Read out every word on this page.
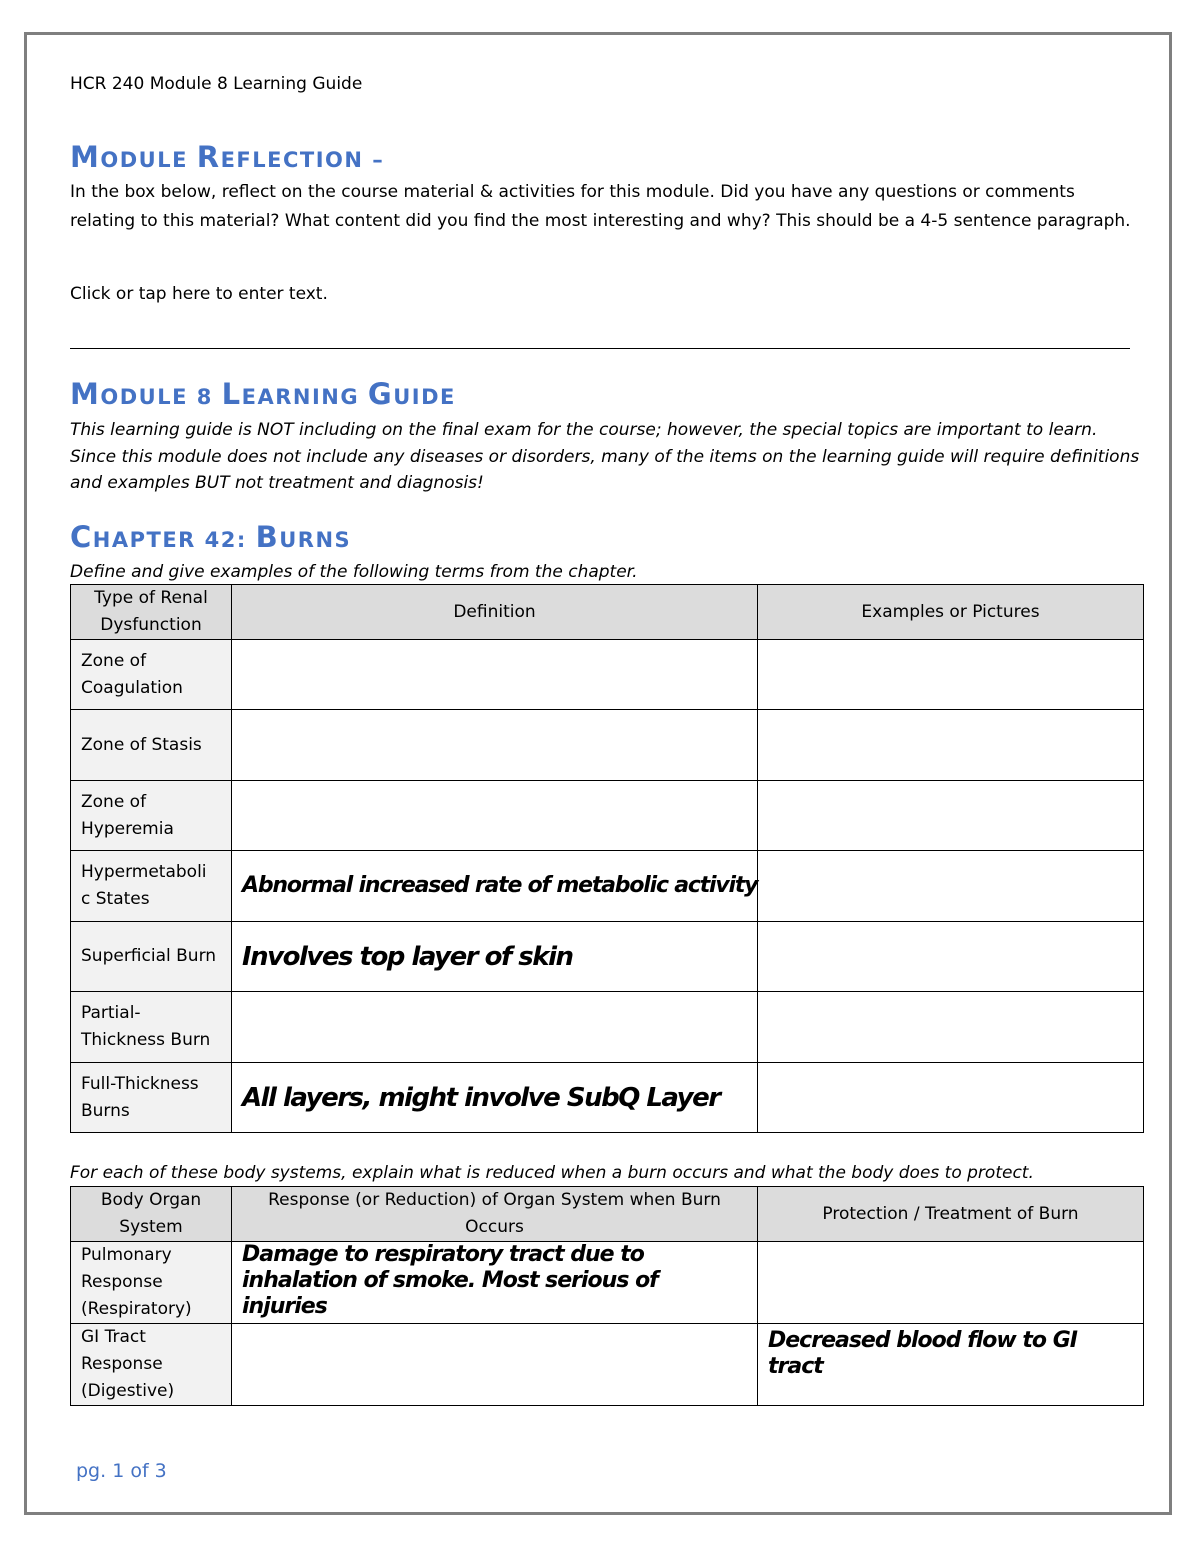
HCR 240 Module 8 Learning Guide
MODULE REFLECTION –
In the box below, reflect on the course material & activities for this module. Did you have any questions or comments relating to this material? What content did you find the most interesting and why? This should be a 4-5 sentence paragraph.
Click or tap here to enter text.
MODULE 8 LEARNING GUIDE
This learning guide is NOT including on the final exam for the course; however, the special topics are important to learn. Since this module does not include any diseases or disorders, many of the items on the learning guide will require definitions and examples BUT not treatment and diagnosis!
CHAPTER 42: BURNS
Define and give examples of the following terms from the chapter.
Type of Renal Dysfunction	Definition	Examples or Pictures
Zone of Coagulation		
Zone of Stasis		
Zone of Hyperemia		
Hypermetaboli c States	Abnormal increased rate of metabolic activity	
Superficial Burn	Involves top layer of skin	
Partial-Thickness Burn		
Full-Thickness Burns	All layers, might involve SubQ Layer	
For each of these body systems, explain what is reduced when a burn occurs and what the body does to protect.
Body Organ System	Response (or Reduction) of Organ System when Burn Occurs	Protection / Treatment of Burn
Pulmonary Response (Respiratory)	Damage to respiratory tract due to inhalation of smoke. Most serious of injuries	
GI Tract Response (Digestive)		Decreased blood flow to GI tract
pg. 1 of 3
